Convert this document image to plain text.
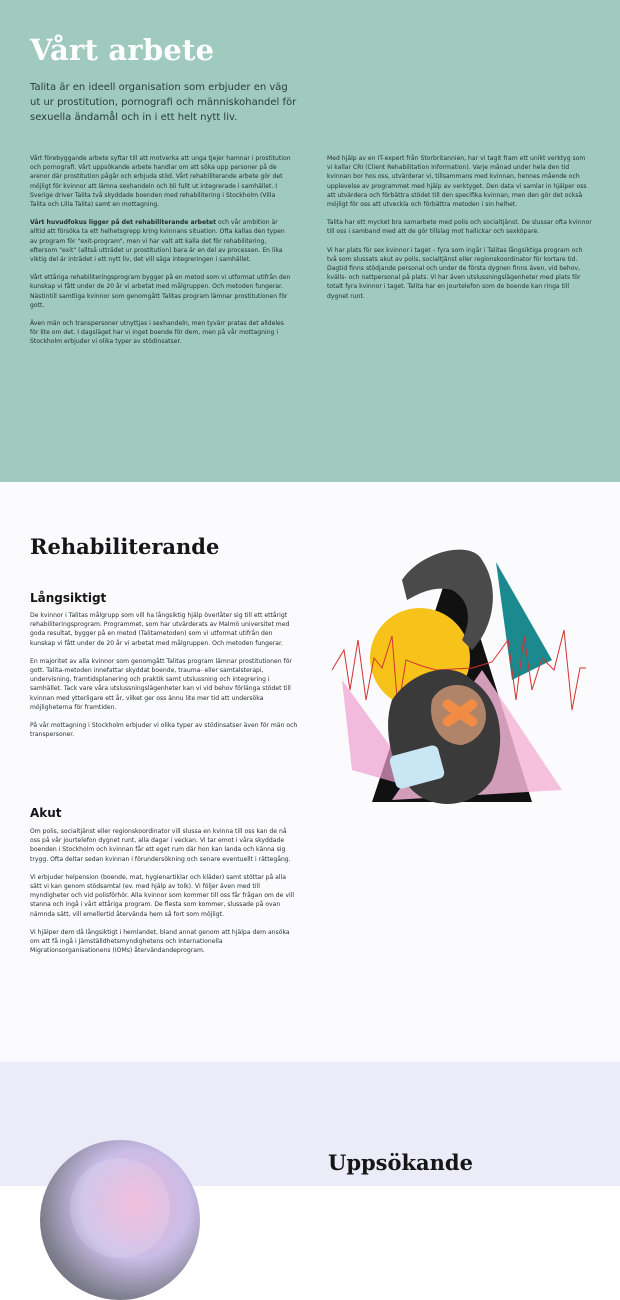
Vårt arbete

Talita är en ideell organisation som erbjuder en väg ut ur prostitution, pornografi och människohandel för sexuella ändamål och in i ett helt nytt liv.

Vårt förebyggande arbete syftar till att motverka att unga tjejer hamnar i prostitution och pornografi. Vårt uppsökande arbete handlar om att söka upp personer på de arenor där prostitution pågår och erbjuda stöd. Vårt rehabiliterande arbete gör det möjligt för kvinnor att lämna sexhandeln och bli fullt ut integrerade i samhället. I Sverige driver Talita två skyddade boenden med rehabilitering i Stockholm (Villa Talita och Lilla Talita) samt en mottagning.

Vårt huvudfokus ligger på det rehabiliterande arbetet och vår ambition är alltid att försöka ta ett helhetsgrepp kring kvinnans situation. Ofta kallas den typen av program för "exit-program", men vi har valt att kalla det för rehabilitering, eftersom "exit" (alltså utträdet ur prostitution) bara är en del av processen. En lika viktig del är inträdet i ett nytt liv, det vill säga integreringen i samhället.

Vårt ettåriga rehabiliteringsprogram bygger på en metod som vi utformat utifrån den kunskap vi fått under de 20 år vi arbetat med målgruppen. Och metoden fungerar. Nästintill samtliga kvinnor som genomgått Talitas program lämnar prostitutionen för gott.

Även män och transpersoner utnyttjas i sexhandeln, men tyvärr pratas det alldeles för lite om det. I dagsläget har vi inget boende för dem, men på vår mottagning i Stockholm erbjuder vi olika typer av stödinsatser.

Med hjälp av en IT-expert från Storbritannien, har vi tagit fram ett unikt verktyg som vi kallar CRI (Client Rehabilitation Information). Varje månad under hela den tid kvinnan bor hos oss, utvärderar vi, tillsammans med kvinnan, hennes mående och upplevelse av programmet med hjälp av verktyget. Den data vi samlar in hjälper oss att utvärdera och förbättra stödet till den specifika kvinnan, men den gör det också möjligt för oss att utveckla och förbättra metoden i sin helhet.

Talita har ett mycket bra samarbete med polis och socialtjänst. De slussar ofta kvinnor till oss i samband med att de gör tillslag mot hallickar och sexköpare.

Vi har plats för sex kvinnor i taget – fyra som ingår i Talitas långsiktiga program och två som slussats akut av polis, socialtjänst eller regionskoordinator för kortare tid. Dagtid finns stödjande personal och under de första dygnen finns även, vid behov, kvälls- och nattpersonal på plats. Vi har även utslussningslägenheter med plats för totalt fyra kvinnor i taget. Talita har en jourtelefon som de boende kan ringa till dygnet runt.

Rehabiliterande
Långsiktigt

De kvinnor i Talitas målgrupp som vill ha långsiktig hjälp överlåter sig till ett ettårigt rehabiliteringsprogram. Programmet, som har utvärderats av Malmö universitet med goda resultat, bygger på en metod (Talitametoden) som vi utformat utifrån den kunskap vi fått under de 20 år vi arbetat med målgruppen. Och metoden fungerar.

En majoritet av alla kvinnor som genomgått Talitas program lämnar prostitutionen för gott. Talita-metoden innefattar skyddat boende, trauma- eller samtalsterapi, undervisning, framtidsplanering och praktik samt utslussning och integrering i samhället. Tack vare våra utslussningslägenheter kan vi vid behov förlänga stödet till kvinnan med ytterligare ett år, vilket ger oss ännu lite mer tid att undersöka möjligheterna för framtiden.

På vår mottagning i Stockholm erbjuder vi olika typer av stödinsatser även för män och transpersoner.

Akut

Om polis, socialtjänst eller regionskoordinator vill slussa en kvinna till oss kan de nå oss på vår jourtelefon dygnet runt, alla dagar i veckan. Vi tar emot i våra skyddade boenden i Stockholm och kvinnan får ett eget rum där hon kan landa och känna sig trygg. Ofta deltar sedan kvinnan i förundersökning och senare eventuellt i rättegång.

Vi erbjuder helpension (boende, mat, hygienartiklar och kläder) samt stöttar på alla sätt vi kan genom stödsamtal (ev. med hjälp av tolk). Vi följer även med till myndigheter och vid polisförhör. Alla kvinnor som kommer till oss får frågan om de vill stanna och ingå i vårt ettåriga program. De flesta som kommer, slussade på ovan nämnda sätt, vill emellertid återvända hem så fort som möjligt.

Vi hjälper dem då långsiktigt i hemlandet, bland annat genom att hjälpa dem ansöka om att få ingå i Jämställdhetsmyndighetens och Internationella Migrationsorganisationens (IOMs) återvändandeprogram.

Uppsökande
